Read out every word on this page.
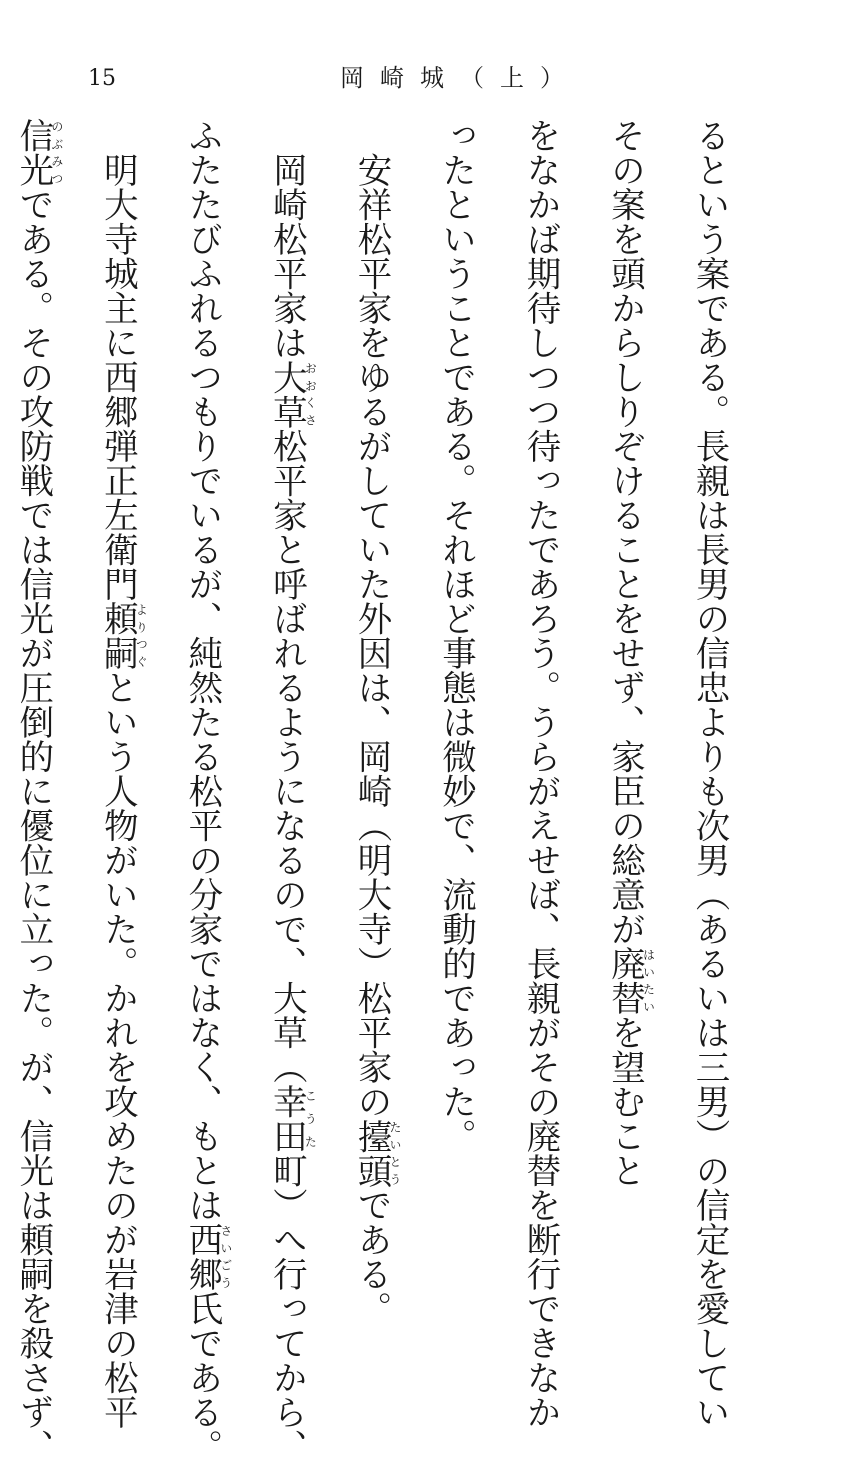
15	岡崎城（上）
るという案である。長親は長男の信忠よりも次男（あるいは三男）の信定を愛してい
その案を頭からしりぞけることをせず、家臣の総意が廃替はいたいを望むこと
をなかば期待しつつ待ったであろう。うらがえせば、長親がその廃替を断行できなか
ったということである。それほど事態は微妙で、流動的であった。
　安祥松平家をゆるがしていた外因は、岡崎（明大寺）松平家の擡頭たいとうである。
　岡崎松平家は大草おおくさ松平家と呼ばれるようになるので、大草（幸田こうた町）へ行ってから、
ふたたびふれるつもりでいるが、純然たる松平の分家ではなく、もとは西郷さいごう氏である。
　明大寺城主に西郷弾正左衛門頼嗣よりつぐという人物がいた。かれを攻めたのが岩津の松平
信光のぶみつである。その攻防戦では信光が圧倒的に優位に立った。が、信光は頼嗣を殺さず、
